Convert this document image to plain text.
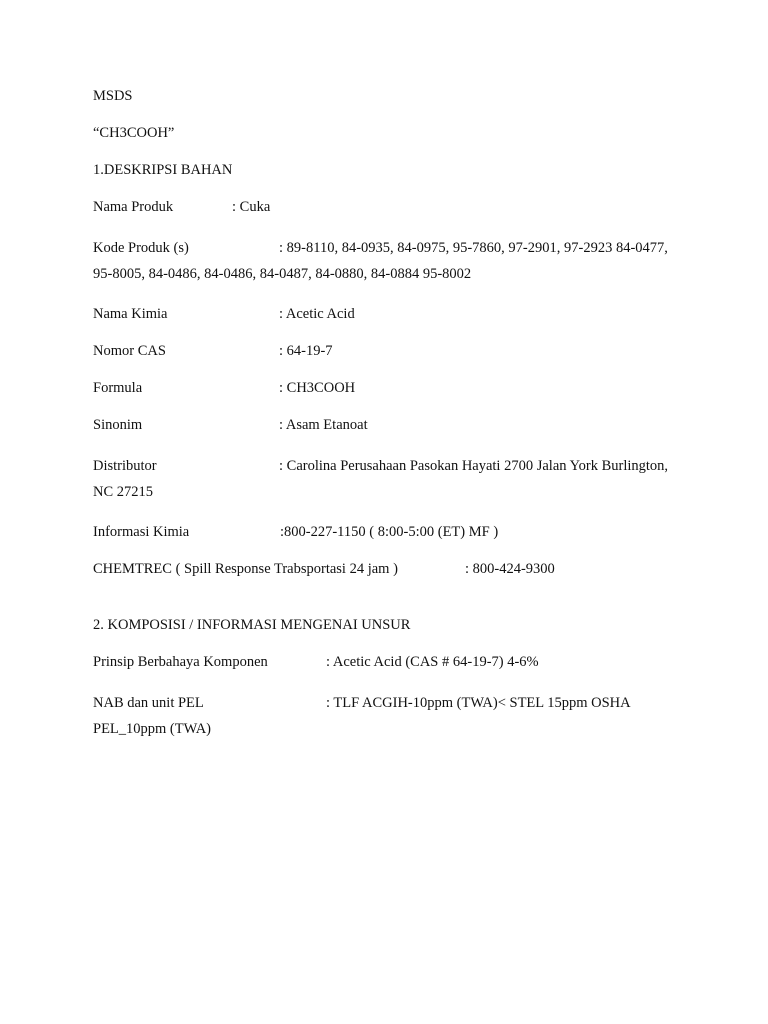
MSDS

“CH3COOH”

1.DESKRIPSI BAHAN

Nama Produk	: Cuka

Kode Produk (s)	: 89-8110, 84-0935, 84-0975, 95-7860, 97-2901, 97-2923 84-0477, 95-8005, 84-0486, 84-0486, 84-0487, 84-0880, 84-0884 95-8002

Nama Kimia	: Acetic Acid

Nomor CAS	: 64-19-7

Formula	: CH3COOH

Sinonim	: Asam Etanoat

Distributor	: Carolina Perusahaan Pasokan Hayati 2700 Jalan York Burlington, NC 27215

Informasi Kimia	:800-227-1150 ( 8:00-5:00 (ET) MF )

CHEMTREC ( Spill Response Trabsportasi 24 jam )	: 800-424-9300

2. KOMPOSISI / INFORMASI MENGENAI UNSUR

Prinsip Berbahaya Komponen	: Acetic Acid (CAS # 64-19-7) 4-6%

NAB dan unit PEL	: TLF ACGIH-10ppm (TWA)< STEL 15ppm OSHA PEL_10ppm (TWA)
